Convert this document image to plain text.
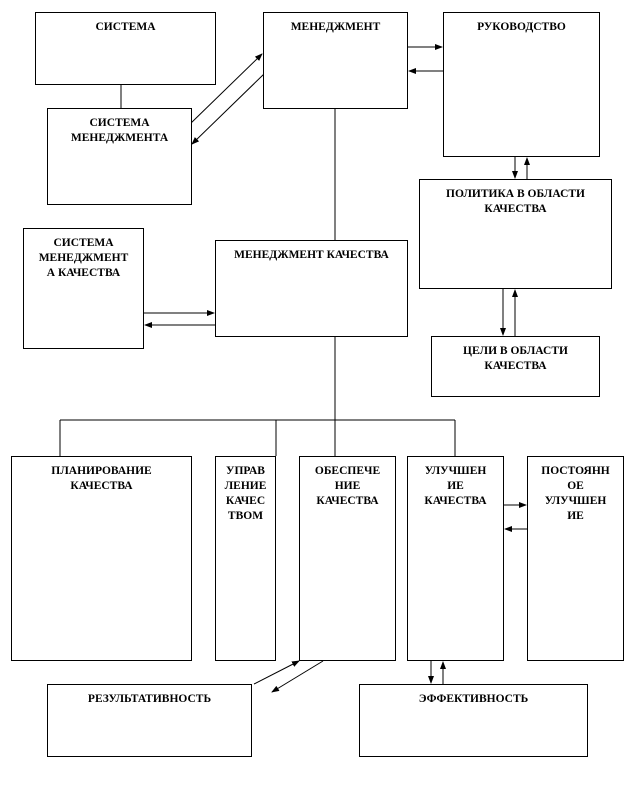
СИСТЕМА	МЕНЕДЖМЕНТ	РУКОВОДСТВО
СИСТЕМА
МЕНЕДЖМЕНТА
ПОЛИТИКА В ОБЛАСТИ
КАЧЕСТВА
СИСТЕМА
МЕНЕДЖМЕНТ
А КАЧЕСТВА
МЕНЕДЖМЕНТ КАЧЕСТВА
ЦЕЛИ В ОБЛАСТИ
КАЧЕСТВА
ПЛАНИРОВАНИЕ
КАЧЕСТВА
УПРАВ
ЛЕНИЕ
КАЧЕС
ТВОМ
ОБЕСПЕЧЕ
НИЕ
КАЧЕСТВА
УЛУЧШЕН
ИЕ
КАЧЕСТВА
ПОСТОЯНН
ОЕ
УЛУЧШЕН
ИЕ
РЕЗУЛЬТАТИВНОСТЬ	ЭФФЕКТИВНОСТЬ
